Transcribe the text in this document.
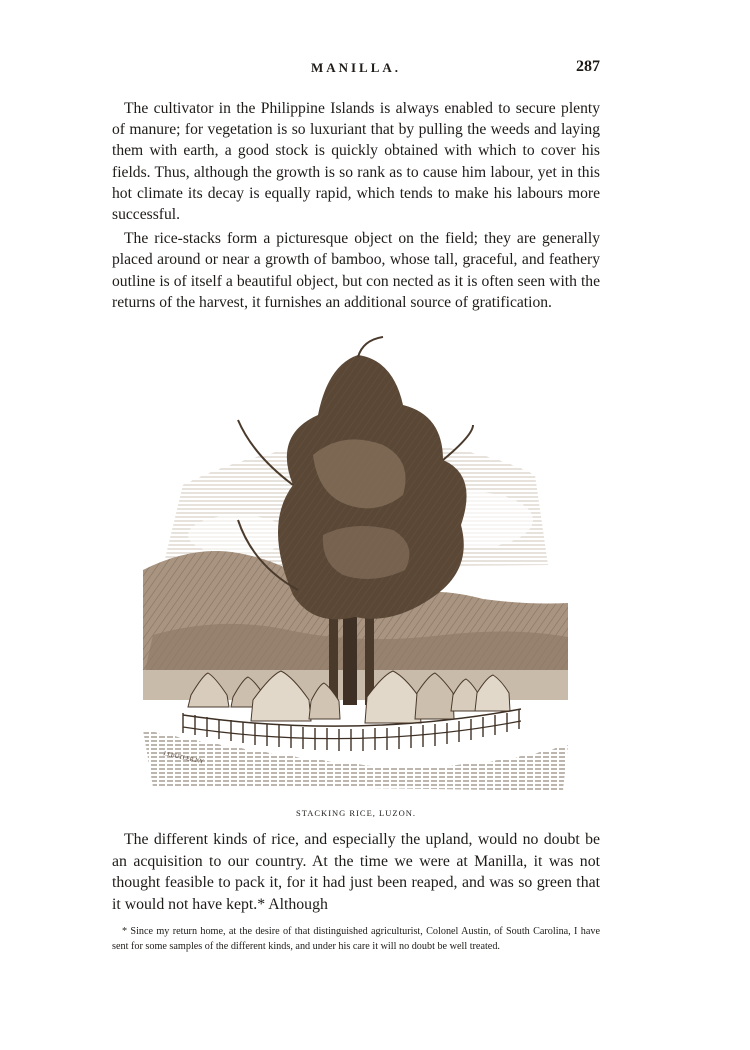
MANILLA.	287

The cultivator in the Philippine Islands is always enabled to secure plenty of manure; for vegetation is so luxuriant that by pulling the weeds and laying them with earth, a good stock is quickly obtained with which to cover his fields. Thus, although the growth is so rank as to cause him labour, yet in this hot climate its decay is equally rapid, which tends to make his labours more successful.

The rice-stacks form a picturesque object on the field; they are generally placed around or near a growth of bamboo, whose tall, graceful, and feathery outline is of itself a beautiful object, but con nected as it is often seen with the returns of the harvest, it furnishes an additional source of gratification.

J.J.BUTLER.NY
STACKING RICE, LUZON.

The different kinds of rice, and especially the upland, would no doubt be an acquisition to our country. At the time we were at Manilla, it was not thought feasible to pack it, for it had just been reaped, and was so green that it would not have kept.* Although

* Since my return home, at the desire of that distinguished agriculturist, Colonel Austin, of South Carolina, I have sent for some samples of the different kinds, and under his care it will no doubt be well treated.
